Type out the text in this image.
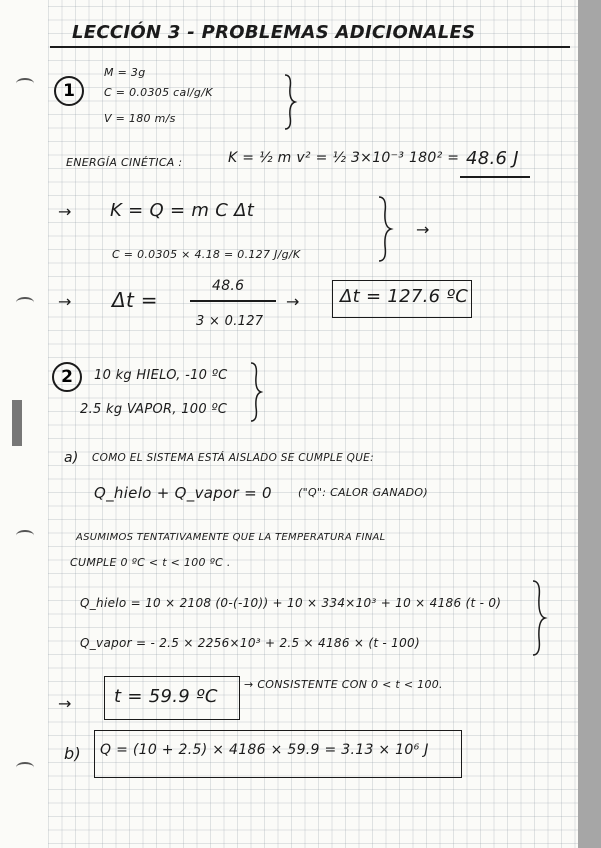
LECCIÓN 3 - PROBLEMAS ADICIONALES
1
M = 3g
C = 0.0305 cal/g/K
V = 180 m/s
ENERGÍA CINÉTICA :	K = ½ m v² = ½ 3×10⁻³ 180² = 48.6 J
→ K = Q = m C Δt
C = 0.0305 × 4.18 = 0.127 J/g/K
→
→ Δt =
48.6
3 × 0.127
→ Δt = 127.6 ºC
2	10 kg HIELO, -10 ºC
2.5 kg VAPOR, 100 ºC
a) COMO EL SISTEMA ESTÁ AISLADO SE CUMPLE QUE:
Q_hielo + Q_vapor = 0 ("Q": CALOR GANADO)
ASUMIMOS TENTATIVAMENTE QUE LA TEMPERATURA FINAL
CUMPLE 0 ºC < t < 100 ºC .
Q_hielo = 10 × 2108 (0-(-10)) + 10 × 334×10³ + 10 × 4186 (t - 0)
Q_vapor = - 2.5 × 2256×10³ + 2.5 × 4186 × (t - 100)
→ t = 59.9 ºC
→ CONSISTENTE CON 0 < t < 100.
b) Q = (10 + 2.5) × 4186 × 59.9 = 3.13 × 10⁶ J
